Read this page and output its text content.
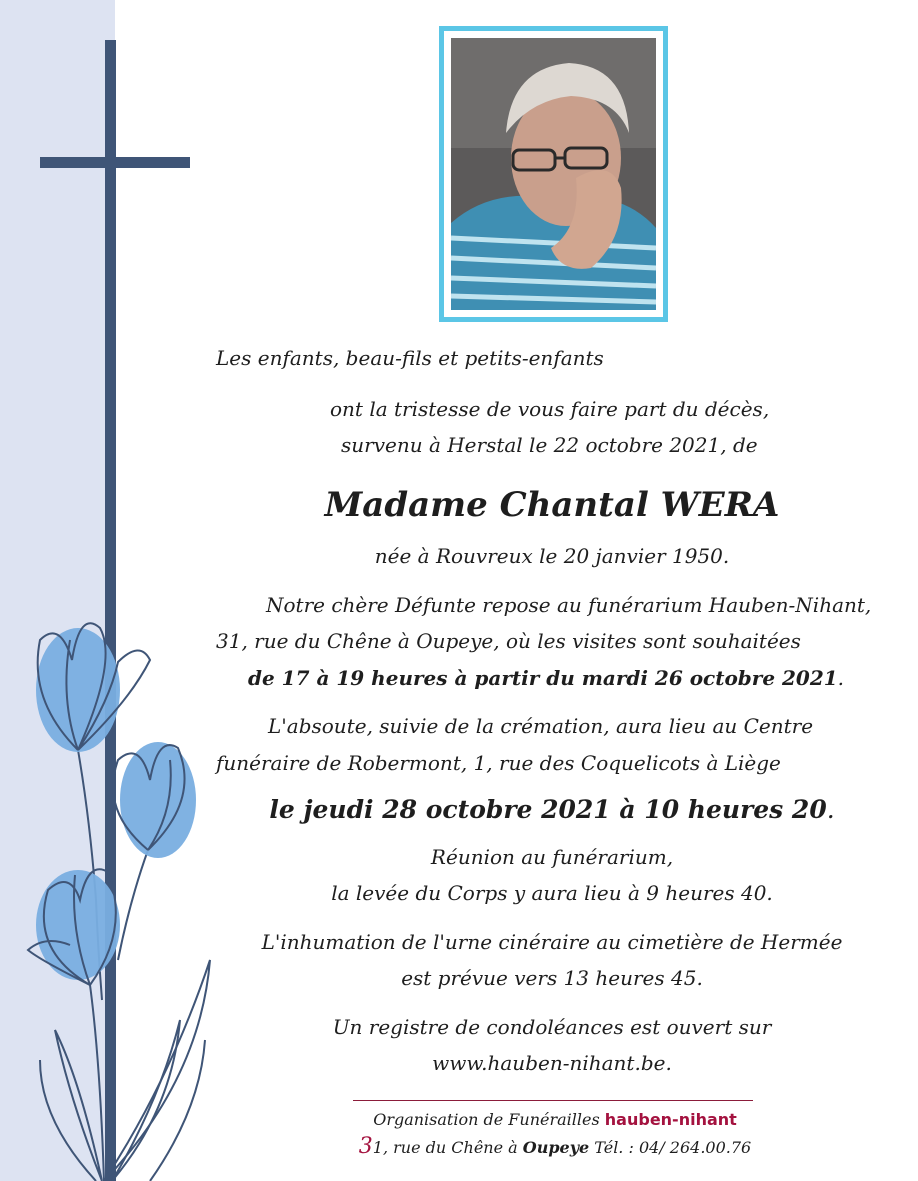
Les enfants, beau-fils et petits-enfants
ont la tristesse de vous faire part du décès,
survenu à Herstal le 22 octobre 2021, de
Madame Chantal WERA
née à Rouvreux le 20 janvier 1950.
Notre chère Défunte repose au funérarium Hauben-Nihant,
31, rue du Chêne à Oupeye, où les visites sont souhaitées
de 17 à 19 heures à partir du mardi 26 octobre 2021.
L'absoute, suivie de la crémation, aura lieu au Centre
funéraire de Robermont, 1, rue des Coquelicots à Liège
le jeudi 28 octobre 2021 à 10 heures 20.
Réunion au funérarium,
la levée du Corps y aura lieu à 9 heures 40.
L'inhumation de l'urne cinéraire au cimetière de Hermée
est prévue vers 13 heures 45.
Un registre de condoléances est ouvert sur
www.hauben-nihant.be.
Organisation de Funérailles hauben-nihant
31, rue du Chêne à Oupeye Tél. : 04/ 264.00.76
